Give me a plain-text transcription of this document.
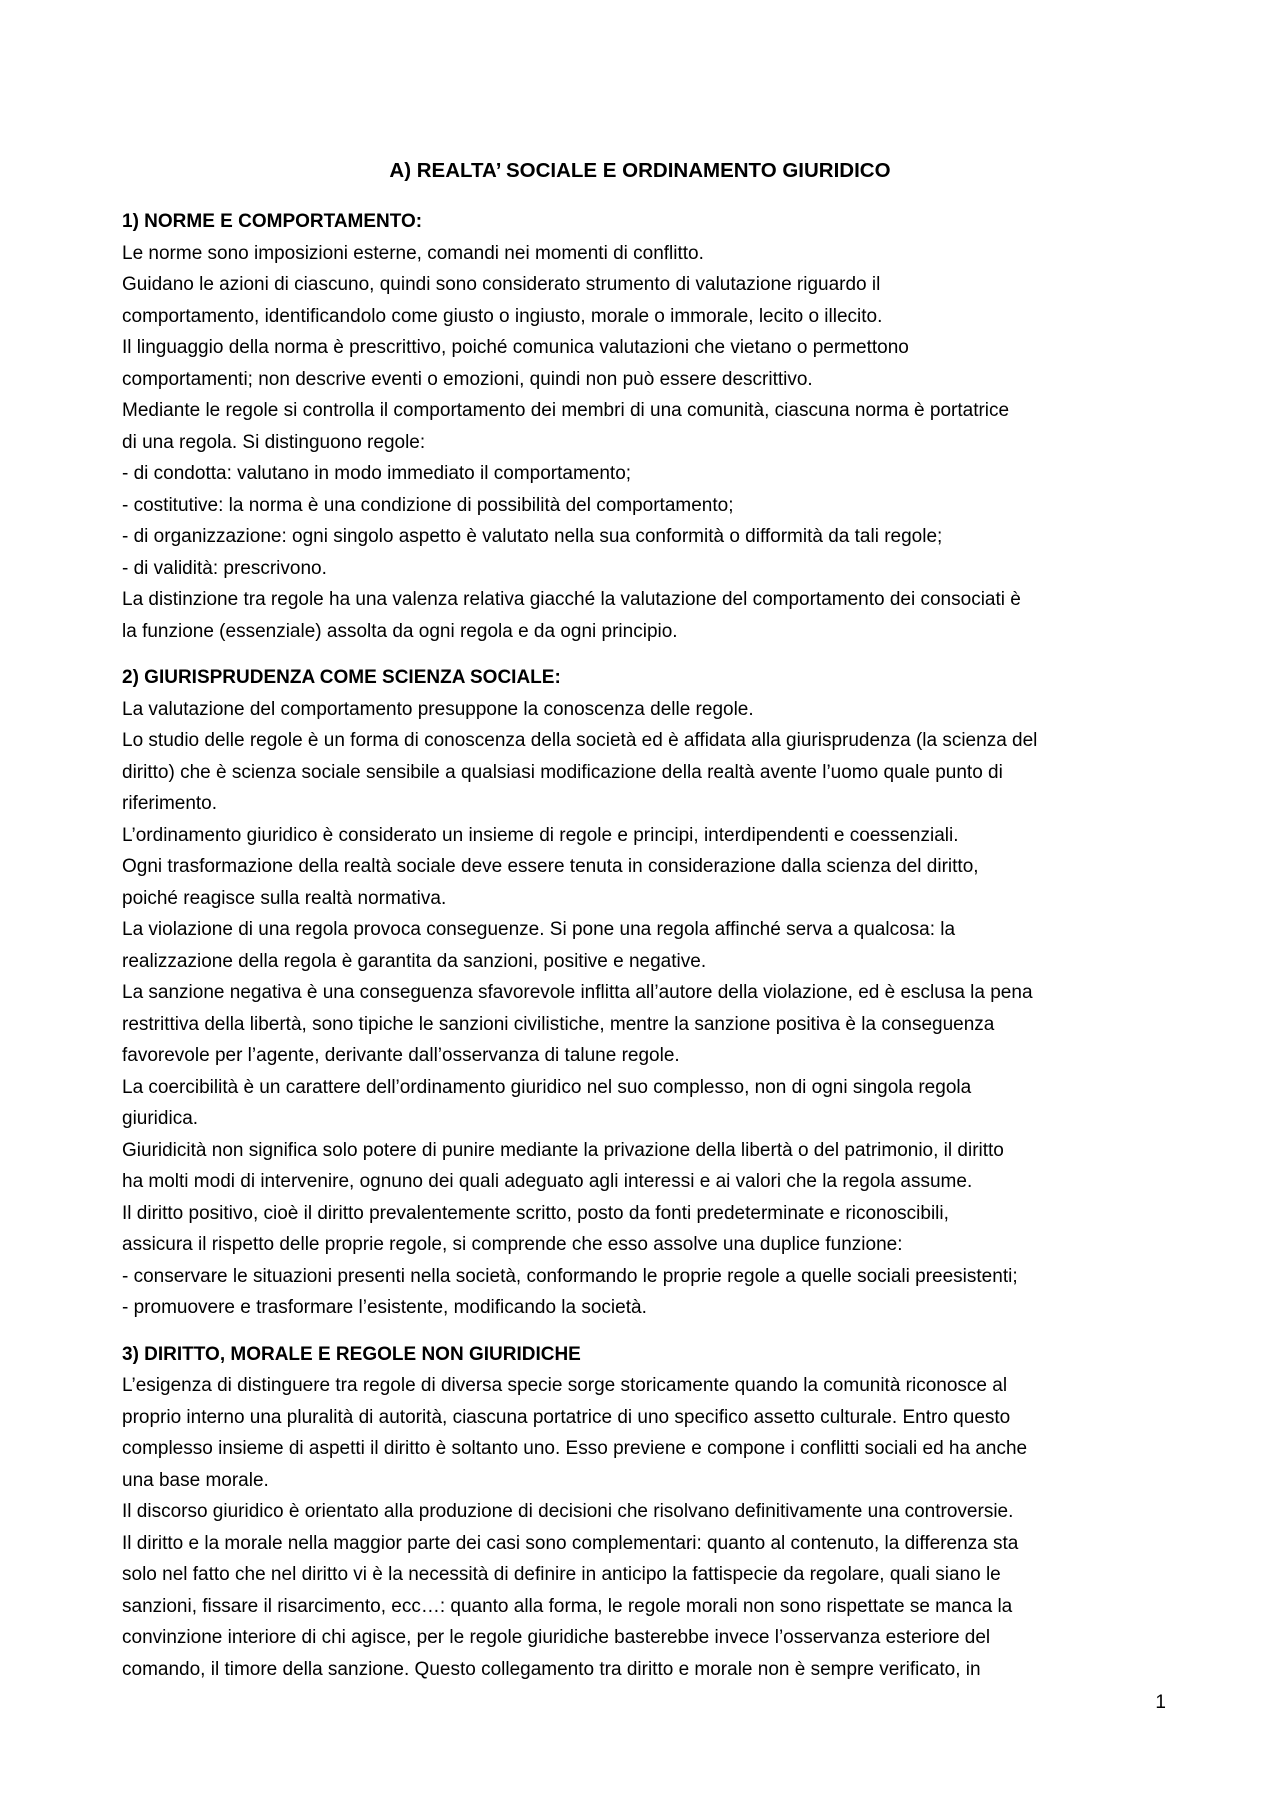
A) REALTA’ SOCIALE E ORDINAMENTO GIURIDICO
1) NORME E COMPORTAMENTO:
Le norme sono imposizioni esterne, comandi nei momenti di conflitto.
Guidano le azioni di ciascuno, quindi sono considerato strumento di valutazione riguardo il
comportamento, identificandolo come giusto o ingiusto, morale o immorale, lecito o illecito.
Il linguaggio della norma è prescrittivo, poiché comunica valutazioni che vietano o permettono
comportamenti; non descrive eventi o emozioni, quindi non può essere descrittivo.
Mediante le regole si controlla il comportamento dei membri di una comunità, ciascuna norma è portatrice
di una regola. Si distinguono regole:
- di condotta: valutano in modo immediato il comportamento;
- costitutive: la norma è una condizione di possibilità del comportamento;
- di organizzazione: ogni singolo aspetto è valutato nella sua conformità o difformità da tali regole;
- di validità: prescrivono.
La distinzione tra regole ha una valenza relativa giacché la valutazione del comportamento dei consociati è
la funzione (essenziale) assolta da ogni regola e da ogni principio.
2) GIURISPRUDENZA COME SCIENZA SOCIALE:
La valutazione del comportamento presuppone la conoscenza delle regole.
Lo studio delle regole è un forma di conoscenza della società ed è affidata alla giurisprudenza (la scienza del
diritto) che è scienza sociale sensibile a qualsiasi modificazione della realtà avente l’uomo quale punto di
riferimento.
L’ordinamento giuridico è considerato un insieme di regole e principi, interdipendenti e coessenziali.
Ogni trasformazione della realtà sociale deve essere tenuta in considerazione dalla scienza del diritto,
poiché reagisce sulla realtà normativa.
La violazione di una regola provoca conseguenze. Si pone una regola affinché serva a qualcosa: la
realizzazione della regola è garantita da sanzioni, positive e negative.
La sanzione negativa è una conseguenza sfavorevole inflitta all’autore della violazione, ed è esclusa la pena
restrittiva della libertà, sono tipiche le sanzioni civilistiche, mentre la sanzione positiva è la conseguenza
favorevole per l’agente, derivante dall’osservanza di talune regole.
La coercibilità è un carattere dell’ordinamento giuridico nel suo complesso, non di ogni singola regola
giuridica.
Giuridicità non significa solo potere di punire mediante la privazione della libertà o del patrimonio, il diritto
ha molti modi di intervenire, ognuno dei quali adeguato agli interessi e ai valori che la regola assume.
Il diritto positivo, cioè il diritto prevalentemente scritto, posto da fonti predeterminate e riconoscibili,
assicura il rispetto delle proprie regole, si comprende che esso assolve una duplice funzione:
- conservare le situazioni presenti nella società, conformando le proprie regole a quelle sociali preesistenti;
- promuovere e trasformare l’esistente, modificando la società.
3) DIRITTO, MORALE E REGOLE NON GIURIDICHE
L’esigenza di distinguere tra regole di diversa specie sorge storicamente quando la comunità riconosce al
proprio interno una pluralità di autorità, ciascuna portatrice di uno specifico assetto culturale. Entro questo
complesso insieme di aspetti il diritto è soltanto uno. Esso previene e compone i conflitti sociali ed ha anche
una base morale.
Il discorso giuridico è orientato alla produzione di decisioni che risolvano definitivamente una controversie.
Il diritto e la morale nella maggior parte dei casi sono complementari: quanto al contenuto, la differenza sta
solo nel fatto che nel diritto vi è la necessità di definire in anticipo la fattispecie da regolare, quali siano le
sanzioni, fissare il risarcimento, ecc…: quanto alla forma, le regole morali non sono rispettate se manca la
convinzione interiore di chi agisce, per le regole giuridiche basterebbe invece l’osservanza esteriore del
comando, il timore della sanzione. Questo collegamento tra diritto e morale non è sempre verificato, in
1
